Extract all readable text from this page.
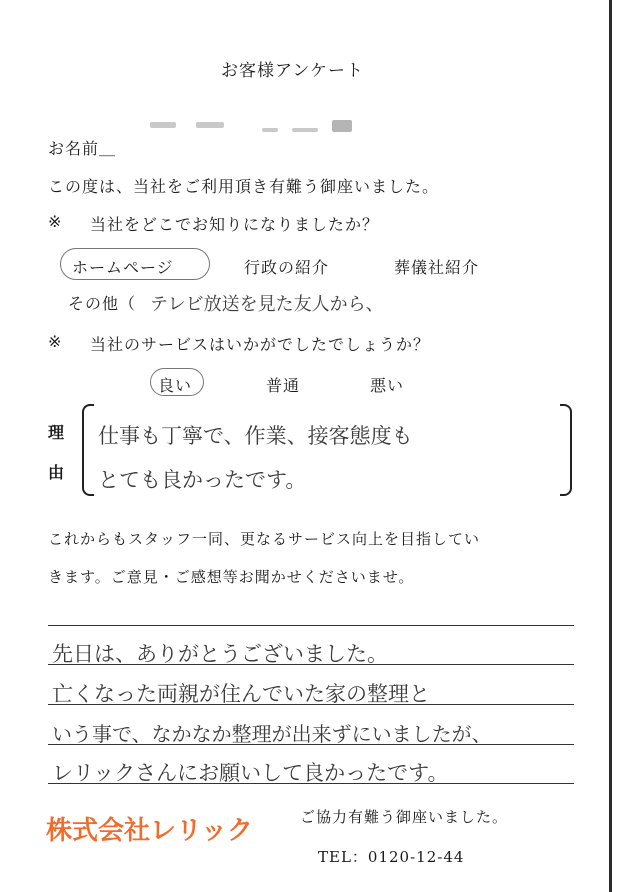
お客様アンケート
お名前＿
この度は、当社をご利用頂き有難う御座いました。
※ 当社をどこでお知りになりましたか？
ホームページ	行政の紹介	葬儀社紹介
その他（ テレビ放送を見た友人から、
※ 当社のサービスはいかがでしたでしょうか？
良い	普通	悪い
理
由
仕事も丁寧で、作業、接客態度も
とても良かったです。
これからもスタッフ一同、更なるサービス向上を目指してい
きます。ご意見・ご感想等お聞かせくださいませ。
先日は、ありがとうございました。
亡くなった両親が住んでいた家の整理と
いう事で、なかなか整理が出来ずにいましたが、
レリックさんにお願いして良かったです。
株式会社レリック	ご協力有難う御座いました。
TEL：0120-12-44
